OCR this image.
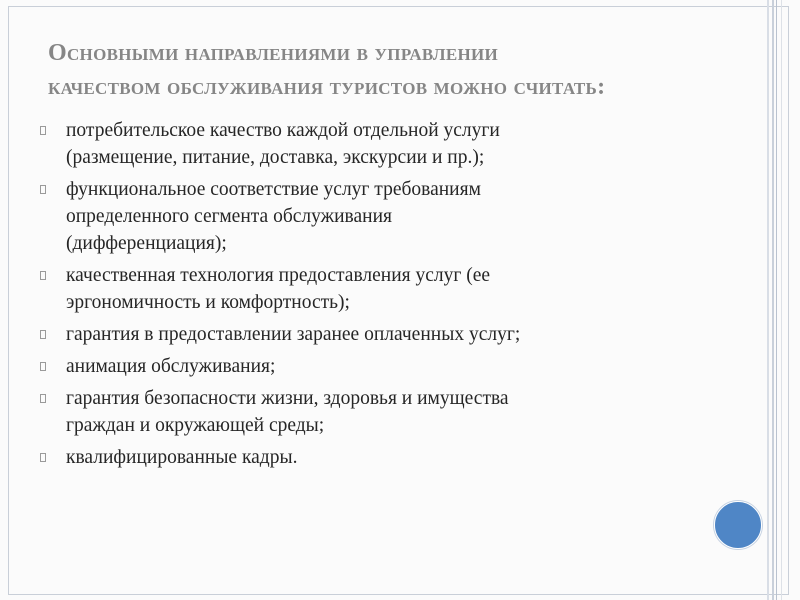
Основными направлениями в управлении
качеством обслуживания туристов можно считать:
потребительское качество каждой отдельной услуги
(размещение, питание, доставка, экскурсии и пр.);
функциональное соответствие услуг требованиям
определенного сегмента обслуживания
(дифференциация);
качественная технология предоставления услуг (ее
эргономичность и комфортность);
гарантия в предоставлении заранее оплаченных услуг;
анимация обслуживания;
гарантия безопасности жизни, здоровья и имущества
граждан и окружающей среды;
квалифицированные кадры.
